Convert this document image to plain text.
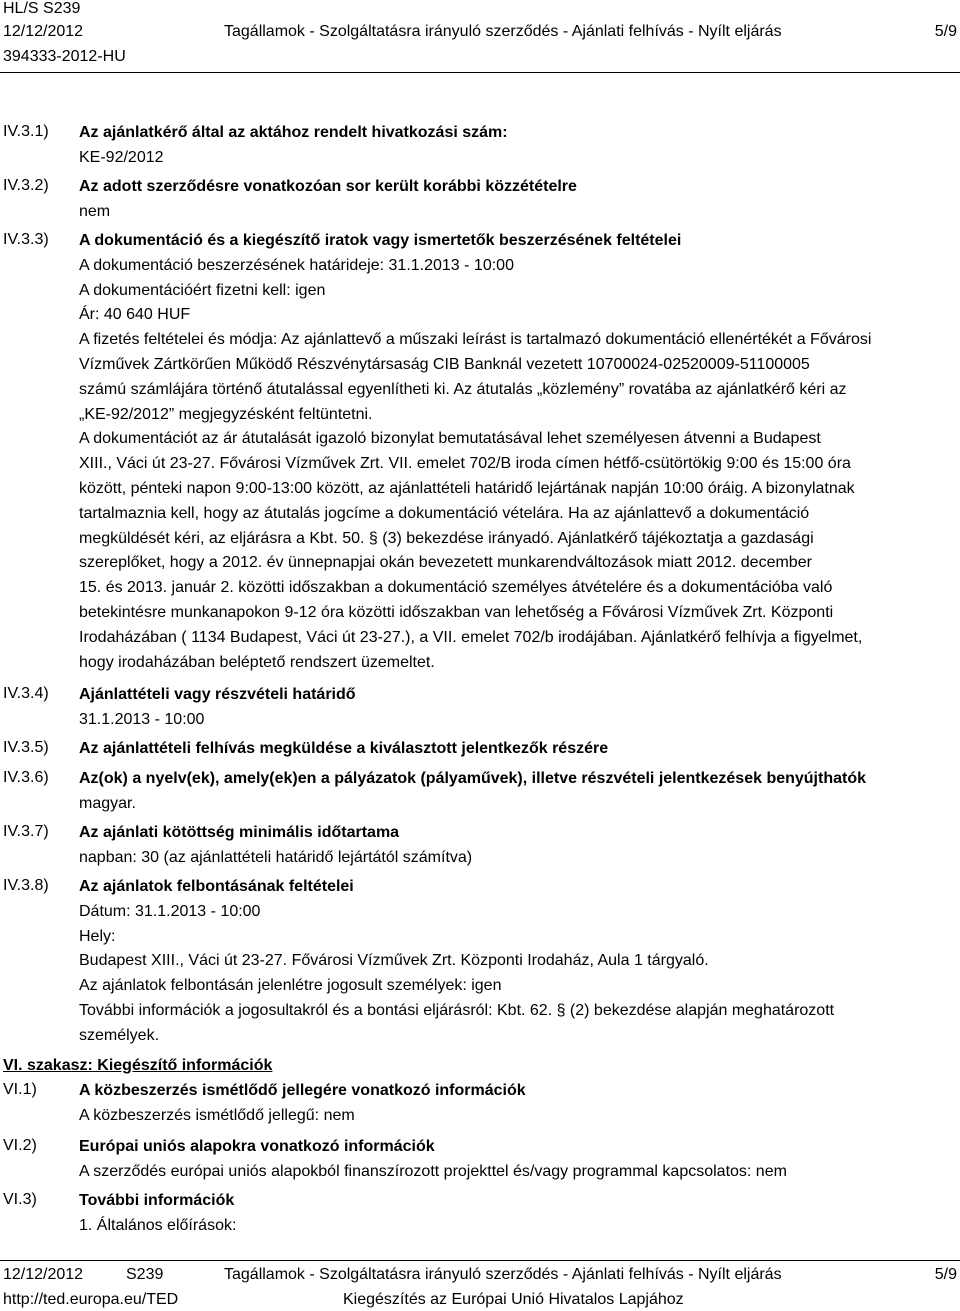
HL/S S239
12/12/2012	Tagállamok - Szolgáltatásra irányuló szerződés - Ajánlati felhívás - Nyílt eljárás	5/9
394333-2012-HU
IV.3.1) Az ajánlatkérő által az aktához rendelt hivatkozási szám:
KE-92/2012
IV.3.2) Az adott szerződésre vonatkozóan sor került korábbi közzétételre
nem
IV.3.3) A dokumentáció és a kiegészítő iratok vagy ismertetők beszerzésének feltételei
A dokumentáció beszerzésének határideje: 31.1.2013 - 10:00
A dokumentációért fizetni kell: igen
Ár: 40 640 HUF
A fizetés feltételei és módja: Az ajánlattevő a műszaki leírást is tartalmazó dokumentáció ellenértékét a Fővárosi
Vízművek Zártkörűen Működő Részvénytársaság CIB Banknál vezetett 10700024-02520009-51100005
számú számlájára történő átutalással egyenlítheti ki. Az átutalás „közlemény” rovatába az ajánlatkérő kéri az
„KE-92/2012” megjegyzésként feltüntetni.
A dokumentációt az ár átutalását igazoló bizonylat bemutatásával lehet személyesen átvenni a Budapest
XIII., Váci út 23-27. Fővárosi Vízművek Zrt. VII. emelet 702/B iroda címen hétfő-csütörtökig 9:00 és 15:00 óra
között, pénteki napon 9:00-13:00 között, az ajánlattételi határidő lejártának napján 10:00 óráig. A bizonylatnak
tartalmaznia kell, hogy az átutalás jogcíme a dokumentáció vételára. Ha az ajánlattevő a dokumentáció
megküldését kéri, az eljárásra a Kbt. 50. § (3) bekezdése irányadó. Ajánlatkérő tájékoztatja a gazdasági
szereplőket, hogy a 2012. év ünnepnapjai okán bevezetett munkarendváltozások miatt 2012. december
15. és 2013. január 2. közötti időszakban a dokumentáció személyes átvételére és a dokumentációba való
betekintésre munkanapokon 9-12 óra közötti időszakban van lehetőség a Fővárosi Vízművek Zrt. Központi
Irodaházában ( 1134 Budapest, Váci út 23-27.), a VII. emelet 702/b irodájában. Ajánlatkérő felhívja a figyelmet,
hogy irodaházában beléptető rendszert üzemeltet.
IV.3.4) Ajánlattételi vagy részvételi határidő
31.1.2013 - 10:00
IV.3.5) Az ajánlattételi felhívás megküldése a kiválasztott jelentkezők részére
IV.3.6) Az(ok) a nyelv(ek), amely(ek)en a pályázatok (pályaművek), illetve részvételi jelentkezések benyújthatók
magyar.
IV.3.7) Az ajánlati kötöttség minimális időtartama
napban: 30 (az ajánlattételi határidő lejártától számítva)
IV.3.8) Az ajánlatok felbontásának feltételei
Dátum: 31.1.2013 - 10:00
Hely:
Budapest XIII., Váci út 23-27. Fővárosi Vízművek Zrt. Központi Irodaház, Aula 1 tárgyaló.
Az ajánlatok felbontásán jelenlétre jogosult személyek: igen
További információk a jogosultakról és a bontási eljárásról: Kbt. 62. § (2) bekezdése alapján meghatározott
személyek.
VI. szakasz: Kiegészítő információk
VI.1)	A közbeszerzés ismétlődő jellegére vonatkozó információk
A közbeszerzés ismétlődő jellegű: nem
VI.2)	Európai uniós alapokra vonatkozó információk
A szerződés európai uniós alapokból finanszírozott projekttel és/vagy programmal kapcsolatos: nem
VI.3)	További információk
1. Általános előírások:
12/12/2012	S239	Tagállamok - Szolgáltatásra irányuló szerződés - Ajánlati felhívás - Nyílt eljárás	5/9
http://ted.europa.eu/TED	Kiegészítés az Európai Unió Hivatalos Lapjához
